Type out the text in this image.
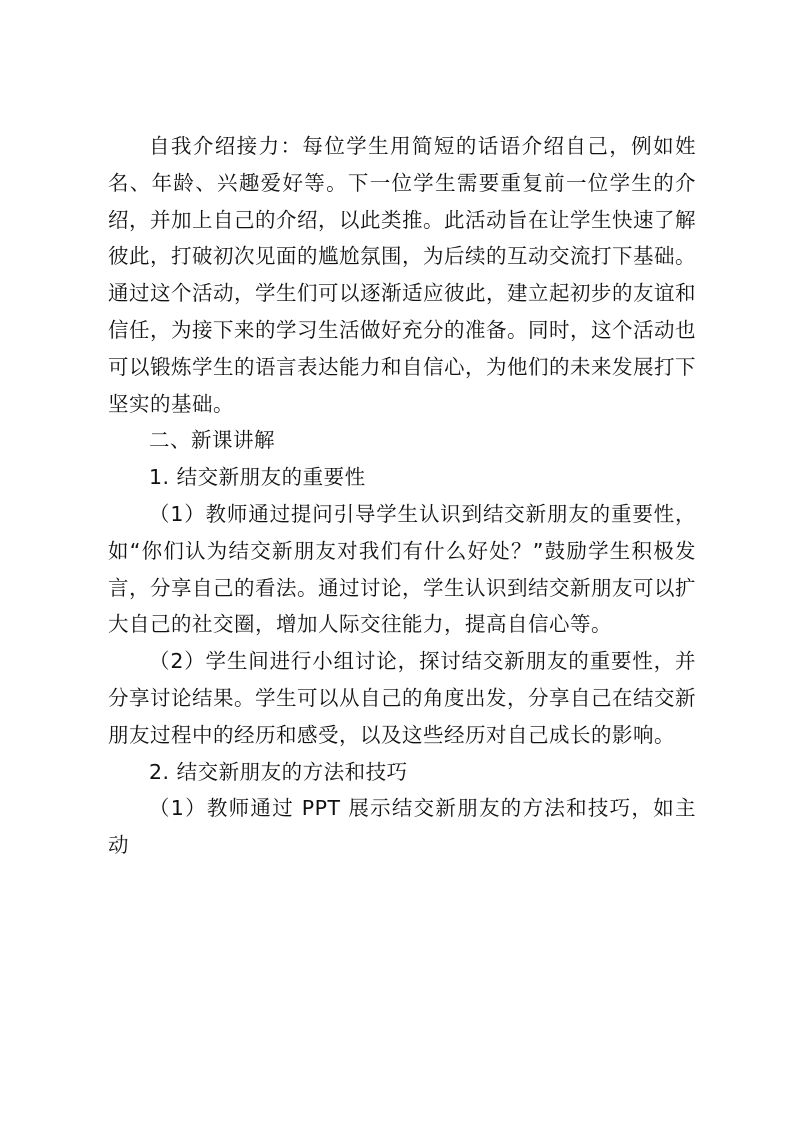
自我介绍接力：每位学生用简短的话语介绍自己，例如姓名、年龄、兴趣爱好等。下一位学生需要重复前一位学生的介绍，并加上自己的介绍，以此类推。此活动旨在让学生快速了解彼此，打破初次见面的尴尬氛围，为后续的互动交流打下基础。通过这个活动，学生们可以逐渐适应彼此，建立起初步的友谊和信任，为接下来的学习生活做好充分的准备。同时，这个活动也可以锻炼学生的语言表达能力和自信心，为他们的未来发展打下坚实的基础。

二、新课讲解

1. 结交新朋友的重要性

（1）教师通过提问引导学生认识到结交新朋友的重要性，如“你们认为结交新朋友对我们有什么好处？”鼓励学生积极发言，分享自己的看法。通过讨论，学生认识到结交新朋友可以扩大自己的社交圈，增加人际交往能力，提高自信心等。

（2）学生间进行小组讨论，探讨结交新朋友的重要性，并分享讨论结果。学生可以从自己的角度出发，分享自己在结交新朋友过程中的经历和感受，以及这些经历对自己成长的影响。

2. 结交新朋友的方法和技巧

（1）教师通过 PPT 展示结交新朋友的方法和技巧，如主动
